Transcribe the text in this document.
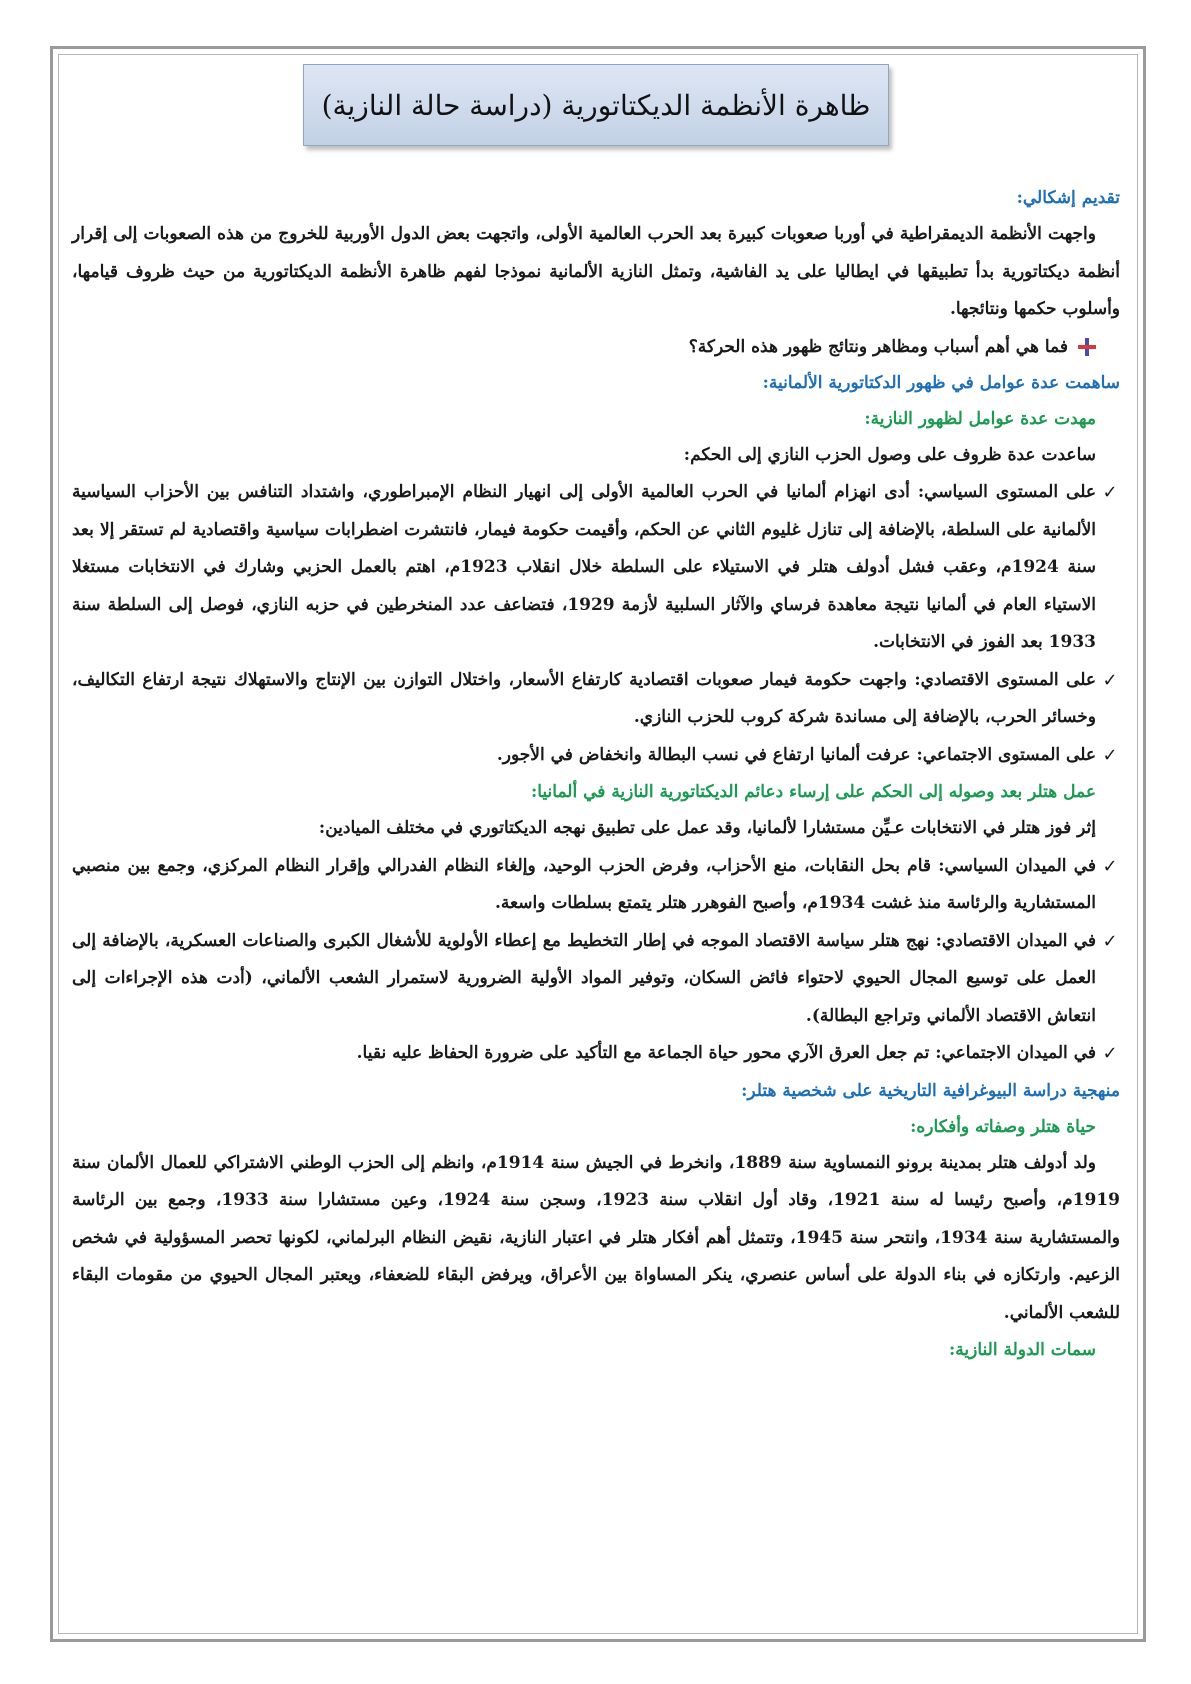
ظاهرة الأنظمة الديكتاتورية (دراسة حالة النازية)
تقديم إشكالي:

واجهت الأنظمة الديمقراطية في أوربا صعوبات كبيرة بعد الحرب العالمية الأولى، واتجهت بعض الدول الأوربية للخروج من هذه الصعوبات إلى إقرار أنظمة ديكتاتورية بدأ تطبيقها في ايطاليا على يد الفاشية، وتمثل النازية الألمانية نموذجا لفهم ظاهرة الأنظمة الديكتاتورية من حيث ظروف قيامها، وأسلوب حكمها ونتائجها.

فما هي أهم أسباب ومظاهر ونتائج ظهور هذه الحركة؟
ساهمت عدة عوامل في ظهور الدكتاتورية الألمانية:
مهدت عدة عوامل لظهور النازية:
ساعدت عدة ظروف على وصول الحزب النازي إلى الحكم:
✓
على المستوى السياسي: أدى انهزام ألمانيا في الحرب العالمية الأولى إلى انهيار النظام الإمبراطوري، واشتداد التنافس بين الأحزاب السياسية الألمانية على السلطة، بالإضافة إلى تنازل غليوم الثاني عن الحكم، وأقيمت حكومة فيمار، فانتشرت اضطرابات سياسية واقتصادية لم تستقر إلا بعد سنة 1924م، وعقب فشل أدولف هتلر في الاستيلاء على السلطة خلال انقلاب 1923م، اهتم بالعمل الحزبي وشارك في الانتخابات مستغلا الاستياء العام في ألمانيا نتيجة معاهدة فرساي والآثار السلبية لأزمة 1929، فتضاعف عدد المنخرطين في حزبه النازي، فوصل إلى السلطة سنة 1933 بعد الفوز في الانتخابات.
✓
على المستوى الاقتصادي: واجهت حكومة فيمار صعوبات اقتصادية كارتفاع الأسعار، واختلال التوازن بين الإنتاج والاستهلاك نتيجة ارتفاع التكاليف، وخسائر الحرب، بالإضافة إلى مساندة شركة كروب للحزب النازي.
✓
على المستوى الاجتماعي: عرفت ألمانيا ارتفاع في نسب البطالة وانخفاض في الأجور.
عمل هتلر بعد وصوله إلى الحكم على إرساء دعائم الديكتاتورية النازية في ألمانيا:
إثر فوز هتلر في الانتخابات عـيِّن مستشارا لألمانيا، وقد عمل على تطبيق نهجه الديكتاتوري في مختلف الميادين:
✓
في الميدان السياسي: قام بحل النقابات، منع الأحزاب، وفرض الحزب الوحيد، وإلغاء النظام الفدرالي وإقرار النظام المركزي، وجمع بين منصبي المستشارية والرئاسة منذ غشت 1934م، وأصبح الفوهرر هتلر يتمتع بسلطات واسعة.
✓
في الميدان الاقتصادي: نهج هتلر سياسة الاقتصاد الموجه في إطار التخطيط مع إعطاء الأولوية للأشغال الكبرى والصناعات العسكرية، بالإضافة إلى العمل على توسيع المجال الحيوي لاحتواء فائض السكان، وتوفير المواد الأولية الضرورية لاستمرار الشعب الألماني، (أدت هذه الإجراءات إلى انتعاش الاقتصاد الألماني وتراجع البطالة).
✓
في الميدان الاجتماعي: تم جعل العرق الآري محور حياة الجماعة مع التأكيد على ضرورة الحفاظ عليه نقيا.
منهجية دراسة البيوغرافية التاريخية على شخصية هتلر:
حياة هتلر وصفاته وأفكاره:

ولد أدولف هتلر بمدينة برونو النمساوية سنة 1889، وانخرط في الجيش سنة 1914م، وانظم إلى الحزب الوطني الاشتراكي للعمال الألمان سنة 1919م، وأصبح رئيسا له سنة 1921، وقاد أول انقلاب سنة 1923، وسجن سنة 1924، وعين مستشارا سنة 1933، وجمع بين الرئاسة والمستشارية سنة 1934، وانتحر سنة 1945، وتتمثل أهم أفكار هتلر في اعتبار النازية، نقيض النظام البرلماني، لكونها تحصر المسؤولية في شخص الزعيم. وارتكازه في بناء الدولة على أساس عنصري، ينكر المساواة بين الأعراق، ويرفض البقاء للضعفاء، ويعتبر المجال الحيوي من مقومات البقاء للشعب الألماني.

سمات الدولة النازية:
